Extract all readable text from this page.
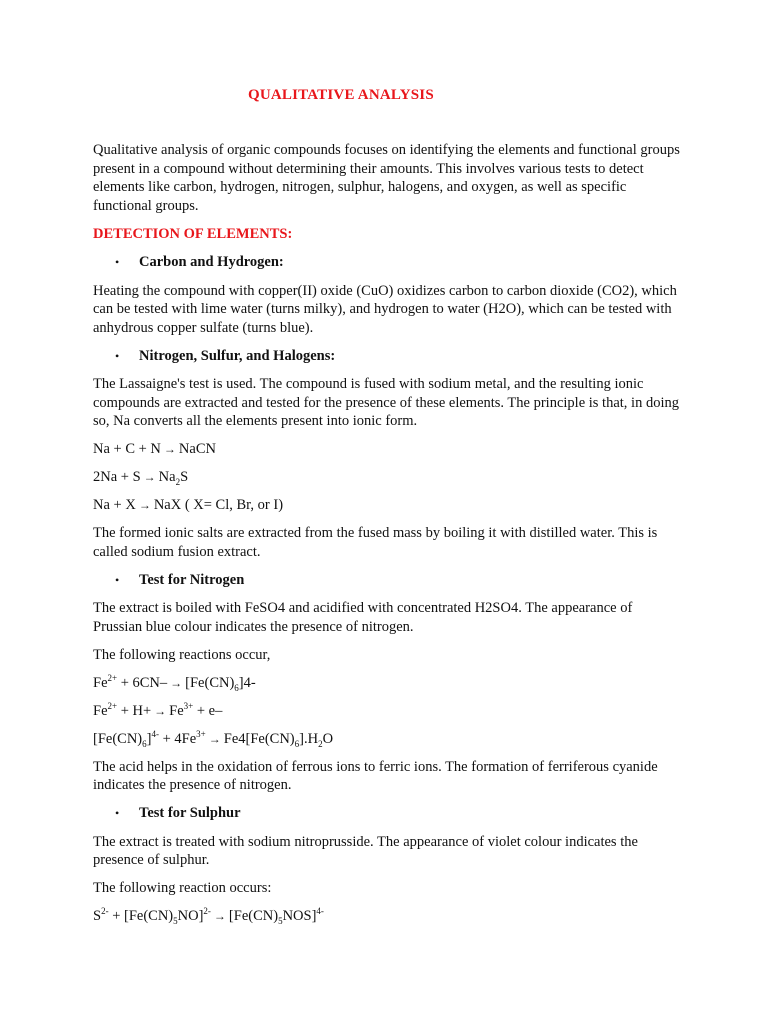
QUALITATIVE ANALYSIS

Qualitative analysis of organic compounds focuses on identifying the elements and functional groups present in a compound without determining their amounts. This involves various tests to detect elements like carbon, hydrogen, nitrogen, sulphur, halogens, and oxygen, as well as specific functional groups.

DETECTION OF ELEMENTS:

•	Carbon and Hydrogen:

Heating the compound with copper(II) oxide (CuO) oxidizes carbon to carbon dioxide (CO2), which can be tested with lime water (turns milky), and hydrogen to water (H2O), which can be tested with anhydrous copper sulfate (turns blue).

•	Nitrogen, Sulfur, and Halogens:

The Lassaigne's test is used. The compound is fused with sodium metal, and the resulting ionic compounds are extracted and tested for the presence of these elements. The principle is that, in doing so, Na converts all the elements present into ionic form.

Na + C + N → NaCN

$2Na + S \to Na_2S$

Na + X → NaX ( X= Cl, Br, or I)

The formed ionic salts are extracted from the fused mass by boiling it with distilled water. This is called sodium fusion extract.

•	Test for Nitrogen

The extract is boiled with FeSO4 and acidified with concentrated H2SO4. The appearance of Prussian blue colour indicates the presence of nitrogen.

The following reactions occur,

$Fe^{2+} + 6CN- \to [Fe(CN)_6]4-$

$Fe^{2+} + H+ \to Fe^{3+} + e-$

$[Fe(CN)_6]^{4-} + 4Fe^{3+} \to Fe4[Fe(CN)_6].H_2O$

The acid helps in the oxidation of ferrous ions to ferric ions. The formation of ferriferous cyanide indicates the presence of nitrogen.

•	Test for Sulphur

The extract is treated with sodium nitroprusside. The appearance of violet colour indicates the presence of sulphur.

The following reaction occurs:

$S^{2-} + [Fe(CN)_5NO]^{2-} \to [Fe(CN)_5NOS]^{4-}$
